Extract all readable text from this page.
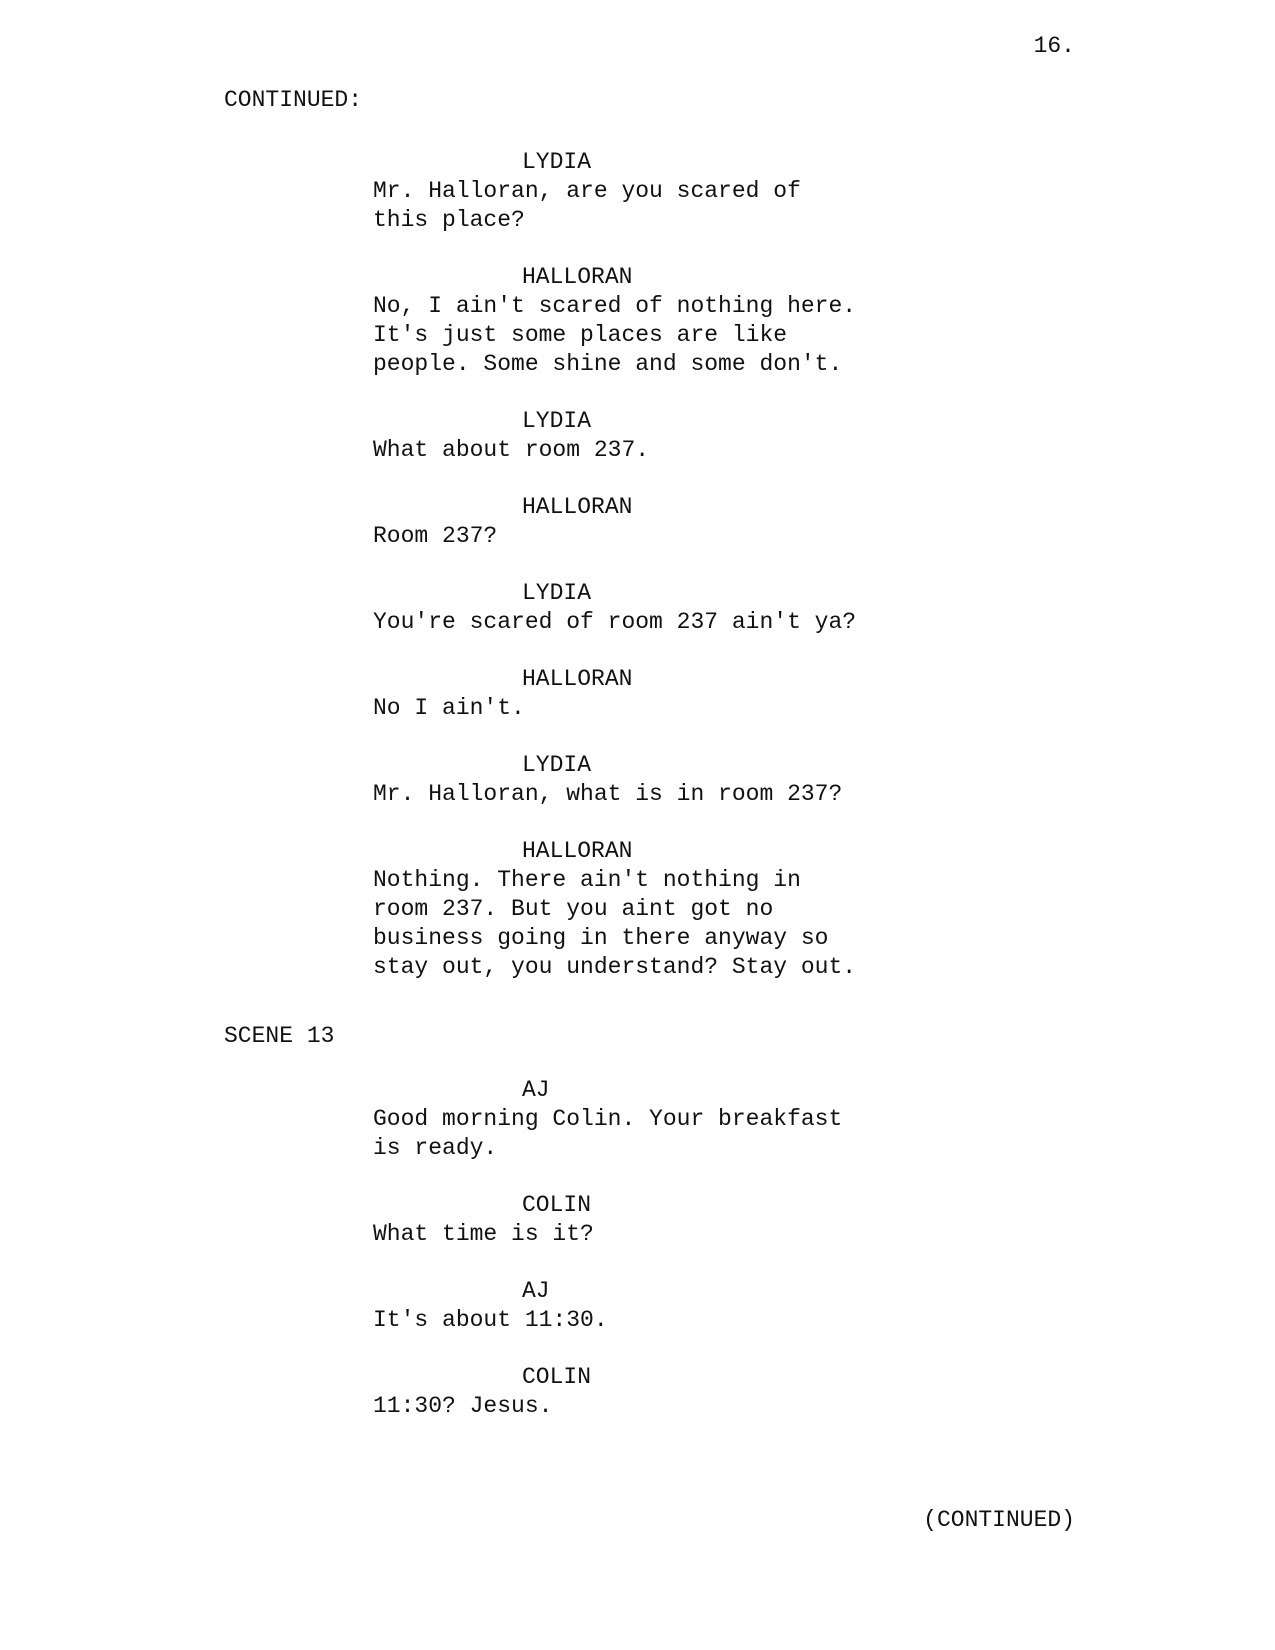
16.
CONTINUED:
LYDIA
Mr. Halloran, are you scared of
this place?
HALLORAN
No, I ain't scared of nothing here.
It's just some places are like
people. Some shine and some don't.
LYDIA
What about room 237.
HALLORAN
Room 237?
LYDIA
You're scared of room 237 ain't ya?
HALLORAN
No I ain't.
LYDIA
Mr. Halloran, what is in room 237?
HALLORAN
Nothing. There ain't nothing in
room 237. But you aint got no
business going in there anyway so
stay out, you understand? Stay out.
SCENE 13
AJ
Good morning Colin. Your breakfast
is ready.
COLIN
What time is it?
AJ
It's about 11:30.
COLIN
11:30? Jesus.
(CONTINUED)
